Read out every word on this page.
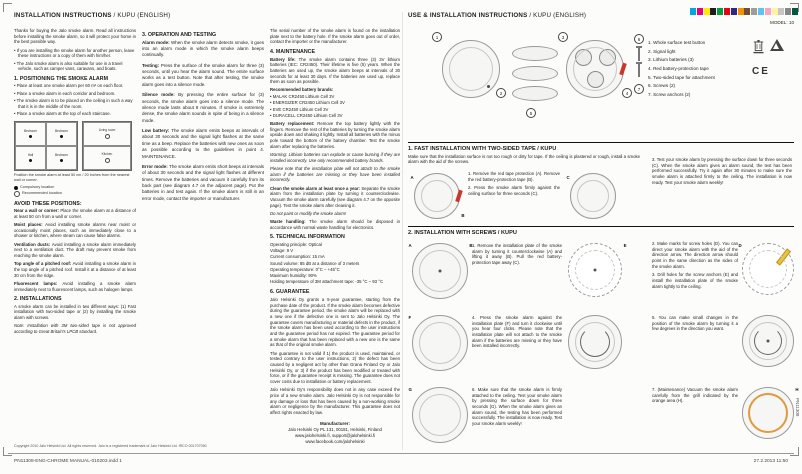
INSTALLATION INSTRUCTIONS / KUPU (ENGLISH)
Thanks for buying the Jalo smoke alarm. Read all instructions before installing the smoke alarm, so it will protect your home in the best possible way.
• If you are installing the smoke alarm for another person, leave these instructions or a copy of them with him/her.
• The Jalo smoke alarm is also suitable for use in a travel vehicle, such as camper vans, caravans, and boats.
1. POSITIONING THE SMOKE ALARM
• Place at least one smoke alarm per 60 m² on each floor.
• Place a smoke alarm in each corridor and bedroom.
• The smoke alarm is to be placed on the ceiling in such a way that it is in the middle of the room.
• Place a smoke alarm at the top of each staircase.
Bedroom	Bedroom
Hall	Bedroom
Living room
Kitchen
Position the smoke alarm at least 50 cm / 20 inches from the nearest wall or corner.
Compulsory location
Recommended location
AVOID THESE POSITIONS:
Near a wall or corner: Place the smoke alarm at a distance of at least 50 cm from a wall or corner.
Moist places: Avoid installing smoke alarms near moist or occasionally moist places, such as immediately close to a shower or kitchen, where steam can cause false alarms.
Ventilation ducts: Avoid installing a smoke alarm immediately next to a ventilation duct. The draft may prevent smoke from reaching the smoke alarm.
Top angle of a pitched roof: Avoid installing a smoke alarm in the top angle of a pitched roof. Install it at a distance of at least 30 cm from the ridge.
Fluorescent lamps: Avoid installing a smoke alarm immediately next to fluorescent lamps, such as halogen lamps.
2. INSTALLATIONS
A smoke alarm can be installed in two different ways: (1) Fast installation with two-sided tape or (2) by installing the smoke alarm with screws.
Note: Installation with 3M two-sided tape is not approved according to Great Britain's LPCB standard.
3. OPERATION AND TESTING
Alarm mode: When the smoke alarm detects smoke, it goes into an alarm mode in which the smoke alarm beeps continually.
Testing: Press the surface of the smoke alarm for three (3) seconds, until you hear the alarm sound. The entire surface works as a test button. Note that after testing, the smoke alarm goes into a silence mode.
Silence mode: By pressing the entire surface for (3) seconds, the smoke alarm goes into a silence mode. The silence mode lasts about 8 minutes. If smoke is extremely dense, the smoke alarm sounds in spite of being in a silence mode.
Low battery: The smoke alarm emits beeps at intervals of about 30 seconds and the signal light flashes at the same time as a beep. Replace the batteries with new ones as soon as possible according to the guidelines in point 4. MAINTENANCE.
Error mode: The smoke alarm emits short beeps at intervals of about 30 seconds and the signal light flashes at different times. Remove the batteries and vacuum it carefully from its back part (see diagram 4.7 on the adjacent page). Put the batteries in and test again. If the smoke alarm is still in an error mode, contact the importer or manufacturer.
The serial number of the smoke alarm is found on the installation plate next to the battery hole. If the smoke alarm goes out of order, contact the importer or the manufacturer.
4. MAINTENANCE
Battery life: The smoke alarm contains three (3) 3V lithium batteries (IEC: CR2450). Their lifetime is five (5) years. When the batteries are used up, the smoke alarm beeps at intervals of 30 seconds for at least 30 days. If the batteries are used up, replace them as soon as possible.
Recommended battery brands:
• MALAK CR2450 Lithium Cell 3V
• ENERGIZER CR2450 Lithium Cell 3V
• EVE CR2450 Lithium Cell 3V
• DURACELL CR2450 Lithium Cell 3V
Battery replacement: Remove the top battery lightly with the fingers. Remove the rest of the batteries by turning the smoke alarm upside down and shaking it lightly. Install all batteries with the minus pole toward the bottom of the battery chamber. Test the smoke alarm after replacing the batteries.
Warning: Lithium batteries can explode or cause burning if they are installed incorrectly. Use only recommended battery brands.
Please note that the installation plate will not attach to the smoke alarm if the batteries are missing or they have been installed incorrectly.
Clean the smoke alarm at least once a year: Separate the smoke alarm from the installation plate by turning it counterclockwise. Vacuum the smoke alarm carefully (see diagram 4.7 on the opposite page). Test the smoke alarm after cleaning it.
Do not paint or modify the smoke alarm!
Waste handling: The smoke alarm should be disposed in accordance with normal waste handling for electronics.
5. TECHNICAL INFORMATION
Operating principle: Optical
Voltage: 9 V
Current consumption: 15 mA
Sound volume: 85 dB at a distance of 3 meters
Operating temperature: 0°C – +45°C
Maximum humidity: 90%
Holding temperature of 3M attachment tape: -35 °C – 93 °C
6. GUARANTEE
Jalo Helsinki Oy grants a 5-year guarantee, starting from the purchase date of the product. If the smoke alarm becomes defective during the guarantee period, the smoke alarm will be replaced with a new one if the defective one is sent to Jalo Helsinki Oy. The guarantee covers manufacturing or material defects in the product, if the smoke alarm has been used according to the user instructions and the guarantee period has not expired. The guarantee period for a smoke alarm that has been replaced with a new one is the same as that of the original smoke alarm.
The guarantee is not valid if 1) the product is used, maintained, or tested contrary to the user instructions, 2) the defect has been caused by a negligent act by other than Grana Finland Oy or Jalo Helsinki Oy, or 3) if the product has been modified or treated with force, or if the guarantee receipt is missing. The guarantee does not cover costs due to installation or battery replacement.
Jalo Helsinki Oy's responsibility does not in any case exceed the price of a new smoke alarm. Jalo Helsinki Oy is not responsible for any damage or loss that has been caused by a non-working smoke alarm or negligence by the manufacturer. This guarantee does not affect rights enacted by law.
Manufacturer:
Jalo Helsinki Oy PL 131, 00181, Helsinki, Finland
www.jalohelsinki.fi, support@jalohelsinki.fi
www.facebook.com/jalohelsinki
USE & INSTALLATION INSTRUCTIONS / KUPU (ENGLISH)
MODEL: 10
1
2
3
4
5
6
7
1. Whole surface test button
2. Signal light
3. Lithium batteries (3)
4. Red battery-protection tape
5. Two-sided tape for attachment
6. Screws (2)
7. Screw anchors (2)
CE
1. FAST INSTALLATION WITH TWO-SIDED TAPE / KUPU
Make sure that the installation surface is not too rough or dirty for tape. If the ceiling is plastered or rough, install a smoke alarm with the aid of the screws.
A
B
1. Remove the red tape protection (A). Remove the red battery-protection tape (B).
2. Press the smoke alarm firmly against the ceiling surface for three seconds (C).
C
3. Test your smoke alarm by pressing the surface down for three seconds (C). When the smoke alarm gives an alarm sound, the test has been performed successfully. Try it again after 30 minutes to make sure the smoke alarm is attached firmly to the ceiling. The installation is now ready. Test your smoke alarm weekly!
2. INSTALLATION WITH SCREWS / KUPU
A	B 1. Remove the installation plate of the smoke alarm by turning it counterclockwise (A) and lifting it away (B). Pull the red battery-protection tape away (C).
E	2. Make marks for screw holes (D). You can direct your smoke alarm with the aid of the direction arrow. The direction arrow should point in the same direction as the sides of the smoke alarm.
3. Drill holes for the screw anchors (E) and install the installation plate of the smoke alarm tightly to the ceiling.
D
F	4. Press the smoke alarm against the installation plate (F) and turn it clockwise until you hear four clicks. Please note that the installation plate will not attach to the smoke alarm if the batteries are missing or they have been installed incorrectly.
5. You can make small changes in the position of the smoke alarm by turning it a few degrees in the direction you want.
G	6. Make sure that the smoke alarm is firmly attached to the ceiling. Test your smoke alarm by pressing the surface down for three seconds (G). When the smoke alarm gives an alarm sound, the testing has been performed successfully. The installation is now ready. Test your smoke alarm weekly!
7. (Maintenance) Vacuum the smoke alarm carefully from the grill indicated by the orange area (H).
H
Copyright 2010 Jalo Helsinki Ltd. All rights reserved. Jalo is a registered trademark of Jalo Helsinki Ltd. IRCO 001707050
PN11308-ENG-CHROME MANUAL-010203.indd 1	27.2.2013 11:50
PN11308
